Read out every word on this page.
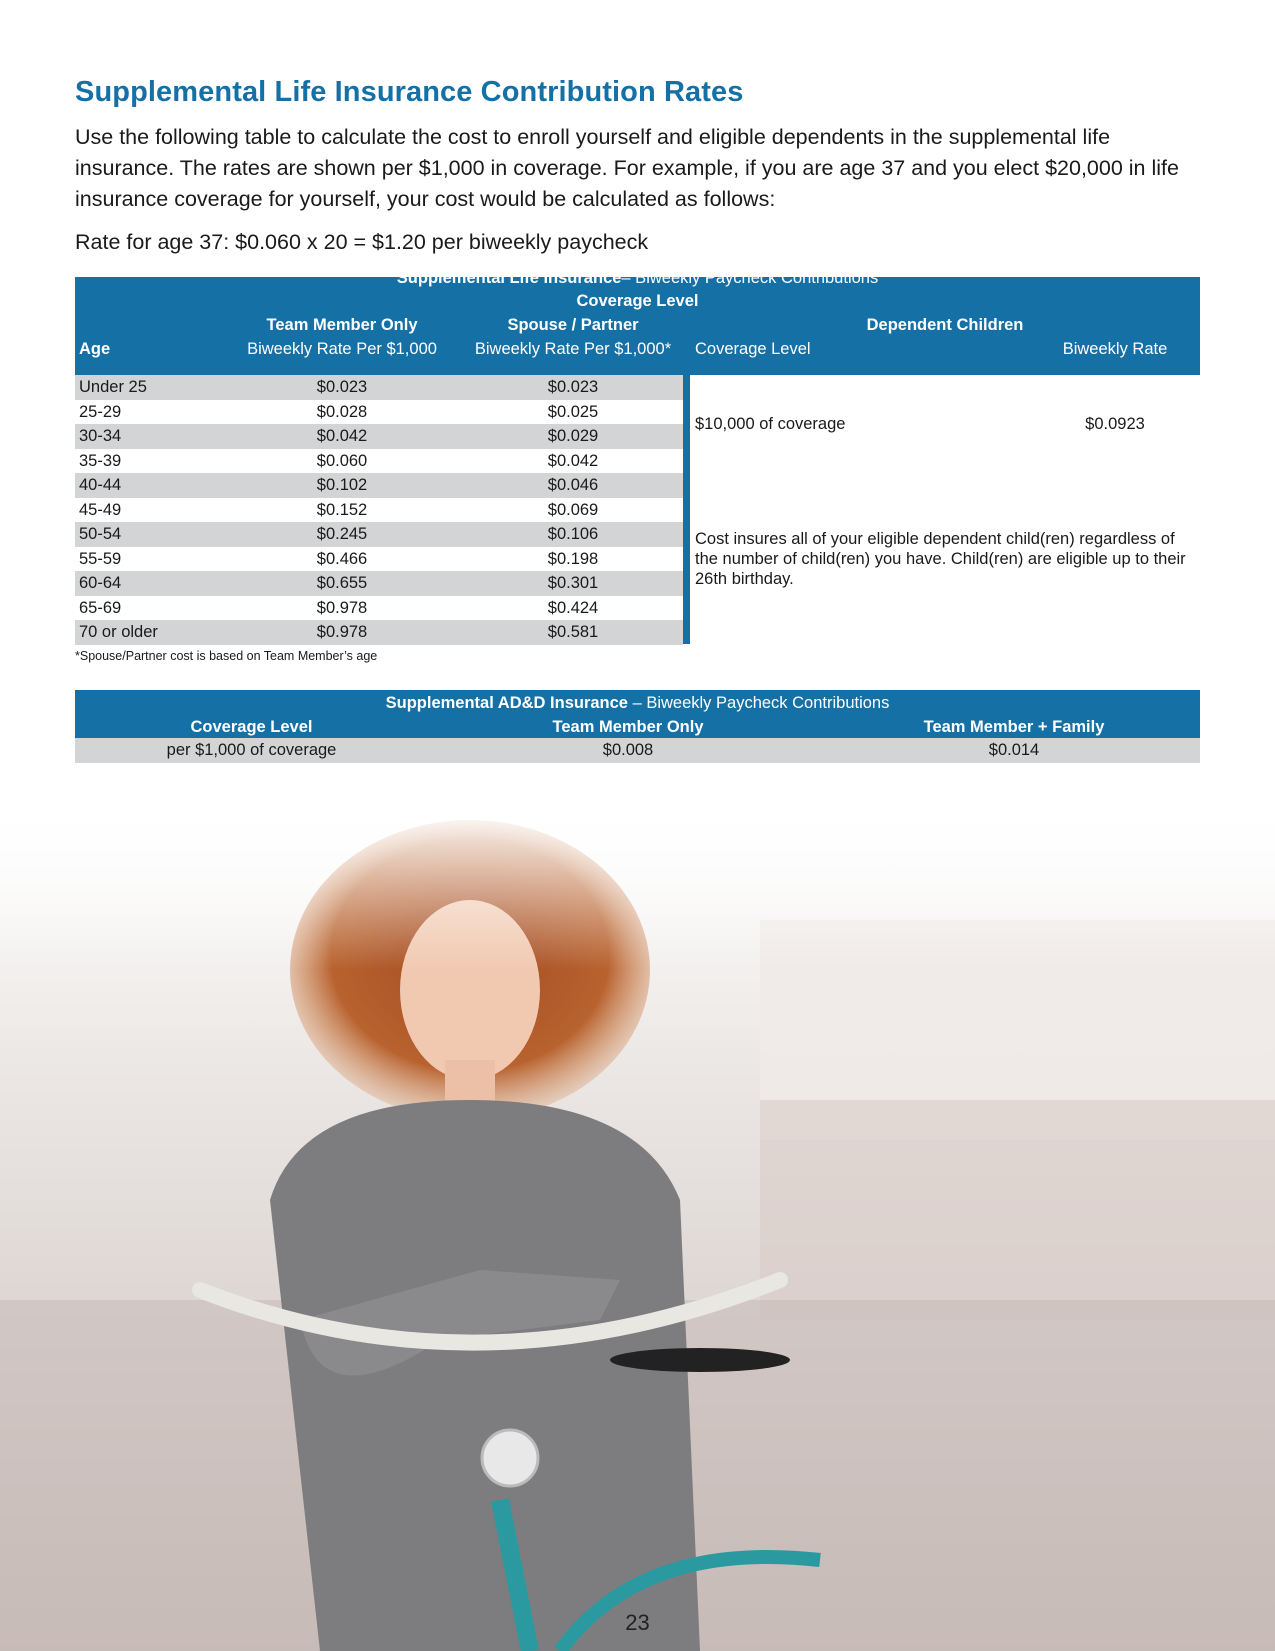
Supplemental Life Insurance Contribution Rates

Use the following table to calculate the cost to enroll yourself and eligible dependents in the supplemental life insurance. The rates are shown per $1,000 in coverage. For example, if you are age 37 and you elect $20,000 in life insurance coverage for yourself, your cost would be calculated as follows:

Rate for age 37: $0.060 x 20 = $1.20 per biweekly paycheck

Supplemental Life Insurance– Biweekly Paycheck Contributions
Coverage Level
Team Member Only	Spouse / Partner	Dependent Children
Age	Biweekly Rate Per $1,000	Biweekly Rate Per $1,000*	Coverage Level	Biweekly Rate
Under 25	$0.023	$0.023
25-29	$0.028	$0.025
30-34	$0.042	$0.029
35-39	$0.060	$0.042
40-44	$0.102	$0.046
45-49	$0.152	$0.069
50-54	$0.245	$0.106
55-59	$0.466	$0.198
60-64	$0.655	$0.301
65-69	$0.978	$0.424
70 or older	$0.978	$0.581
$10,000 of coverage	$0.0923
Cost insures all of your eligible dependent child(ren) regardless of the number of child(ren) you have. Child(ren) are eligible up to their 26th birthday.
*Spouse/Partner cost is based on Team Member’s age
Supplemental AD&D Insurance – Biweekly Paycheck Contributions
Coverage Level	Team Member Only	Team Member + Family
per $1,000 of coverage	$0.008	$0.014
23
